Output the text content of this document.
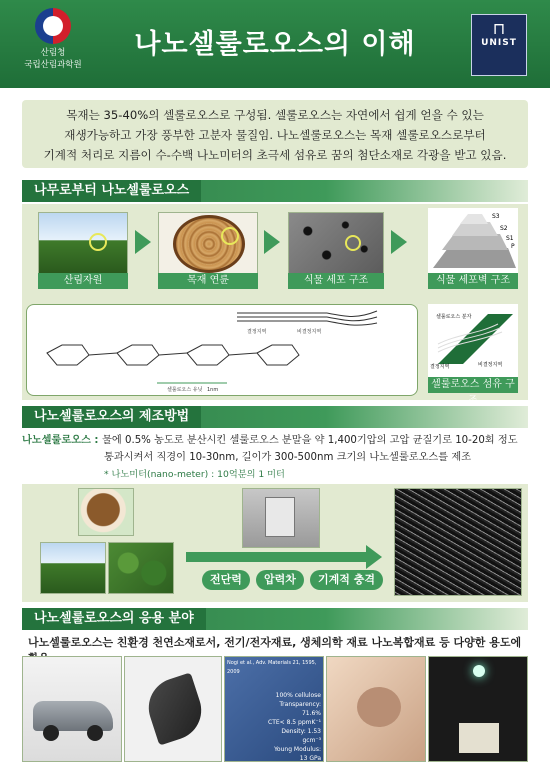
산림청
국립산림과학원
나노셀룰로오스의 이해
⊓
UNIST
목재는 35-40%의 셀룰로오스로 구성됨. 셀룰로오스는 자연에서 쉽게 얻을 수 있는
재생가능하고 가장 풍부한 고분자 물질임. 나노셀룰로오스는 목재 셀룰로오스로부터
기계적 처리로 지름이 수-수백 나노미터의 초극세 섬유로 꿈의 첨단소재로 각광을 받고 있음.
나무로부터 나노셀룰로오스
산림자원	목재 연륜	식물 세포 구조
S3
S2
S1
P
식물 세포벽 구조
결정지역	비결정지역
셀룰로오스 유닛 1nm
셀룰로오스 분자
결정지역	비결정지역
셀룰로오스 섬유 구조
나노셀룰로오스의 제조방법
나노셀룰로오스 : 물에 0.5% 농도로 분산시킨 셀룰로오스 분말을 약 1,400기압의 고압 균질기로 10-20회 정도
통과시켜서 직경이 10-30nm, 길이가 300-500nm 크기의 나노셀룰로오스를 제조
* 나노미터(nano-meter) : 10억분의 1 미터
전단력	압력차	기계적 충격
나노셀룰로오스의 응용 분야
나노셀룰로오스는 친환경 천연소재로서, 전기/전자재료, 생체의학 재료 나노복합재료 등 다양한 용도에
Nogi et al., Adv. Materials 21, 1595, 2009
100% cellulose
Transparency: 71.6%
CTE< 8.5 ppmK⁻¹
Density: 1.53 gcm⁻³
Young Modulus: 13 GPa
Strength: 223 MPa
